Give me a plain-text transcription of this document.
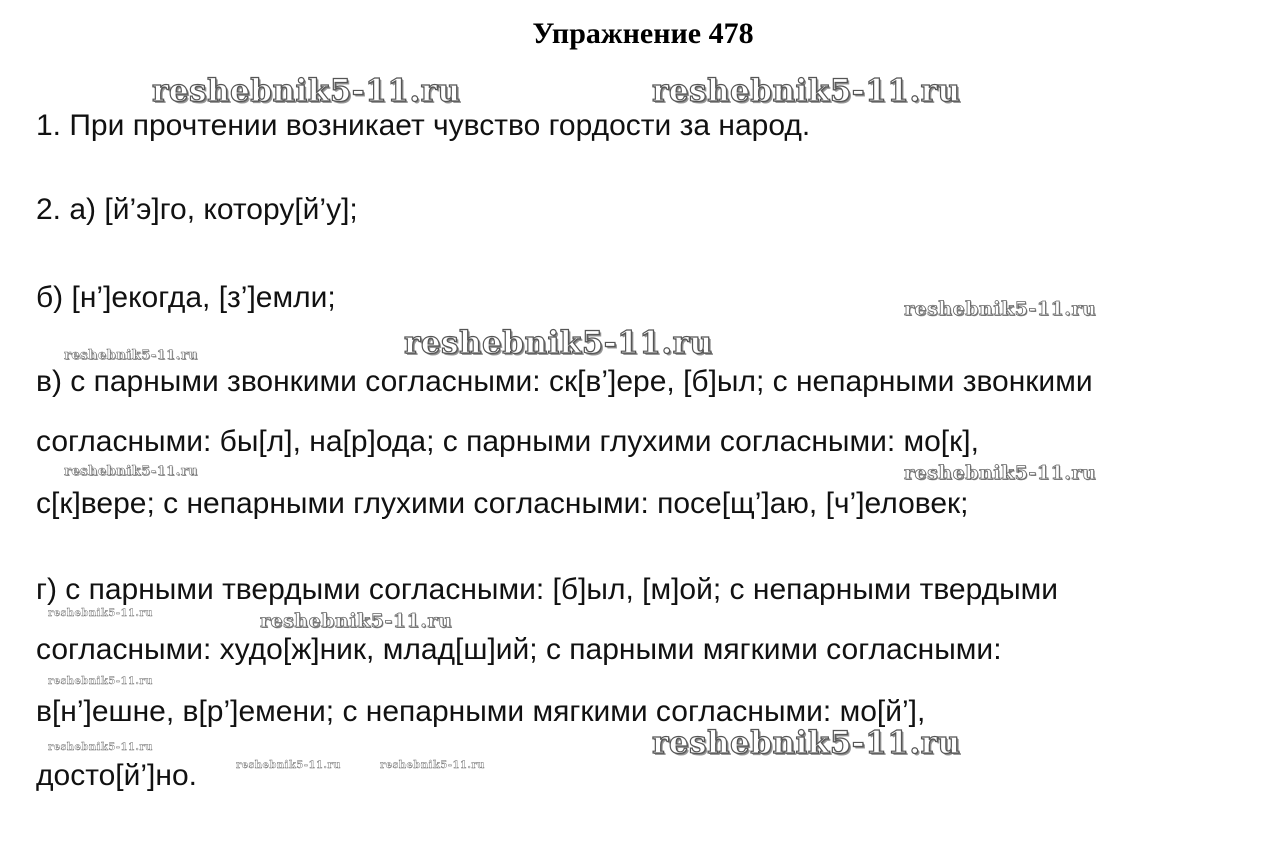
Упражнение 478
1. При прочтении возникает чувство гордости за народ.
2. а) [й’э]го, котору[й’у];
б) [н’]екогда, [з’]емли;
в) с парными звонкими согласными: ск[в’]ере, [б]ыл; с непарными звонкими
согласными: бы[л], на[р]ода; с парными глухими согласными: мо[к],
с[к]вере; с непарными глухими согласными: посе[щ’]аю, [ч’]еловек;
г) с парными твердыми согласными: [б]ыл, [м]ой; с непарными твердыми
согласными: худо[ж]ник, млад[ш]ий; с парными мягкими согласными:
в[н’]ешне, в[р’]емени; с непарными мягкими согласными: мо[й’],
досто[й’]но.
reshebnik5-11.ru	reshebnik5-11.ru
reshebnik5-11.ru
reshebnik5-11.ru
reshebnik5-11.ru
reshebnik5-11.ru	reshebnik5-11.ru
reshebnik5-11.ru	reshebnik5-11.ru
reshebnik5-11.ru
reshebnik5-11.ru	reshebnik5-11.ru
reshebnik5-11.ru	reshebnik5-11.ru
